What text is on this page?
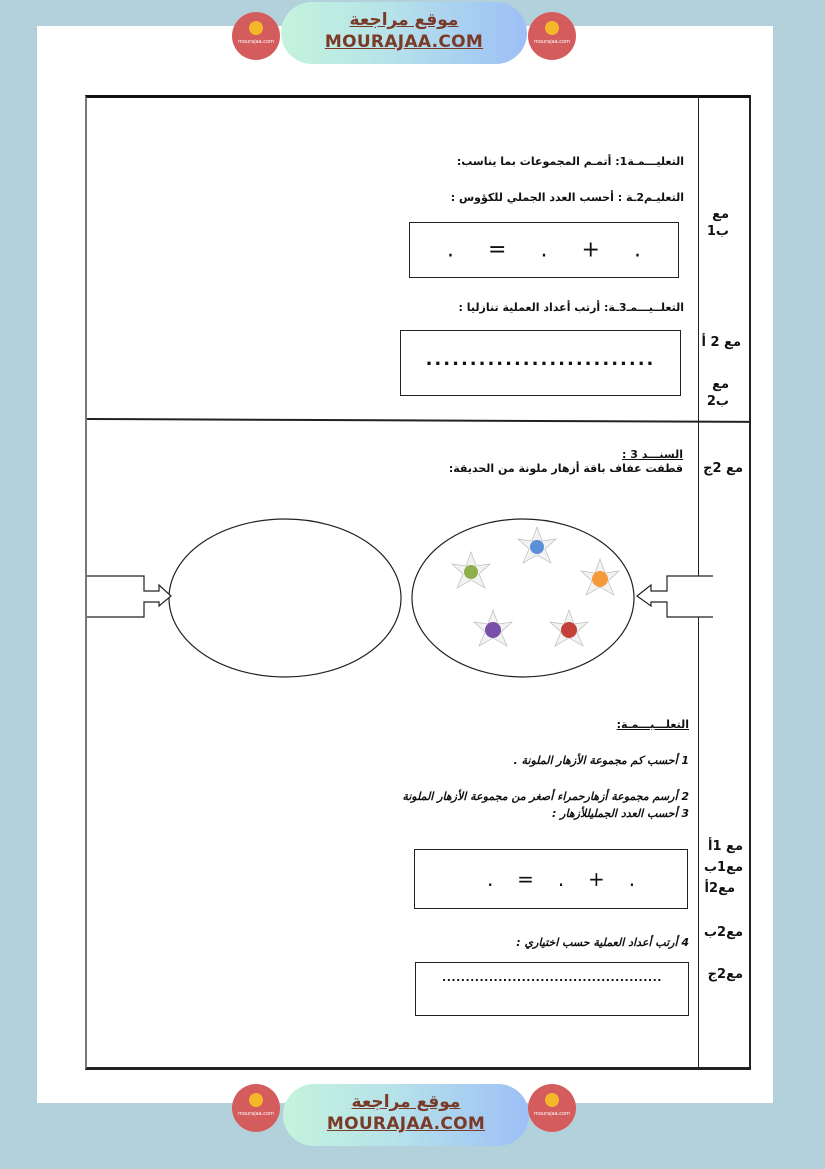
mourajaa.com
موقع مراجعة
MOURAJAA.COM	mourajaa.com
التعليـــمـة1: أتمـم المجموعات بما يناسب:
التعليـم2ـة : أحسب العدد الجملي للكؤوس :
.
+
.
=
.
التعلــيـــمـ3ـة: أرتب أعداد العملية تنازليا :
..........................
مع ب1
مع 2 أ
مع ب2
مع 2ج
السنـــد 3 :
قطفت عفاف باقة أزهار ملونة من الحديقة:
التعلـــيـــمـة:
1 أحسب كم مجموعة الأزهار الملونة .
2 أرسم مجموعة أزهارحمراء أصغر من مجموعة الأزهار الملونة
3 أحسب العدد الجمليللأزهار :
.
+
.
=
.
4 أرتب أعداد العملية حسب اختياري :
...............................................
مع 1أ
مع1ب
مع2أ
مع2ب
مع2ج
mourajaa.com
موقع مراجعة
MOURAJAA.COM	mourajaa.com
